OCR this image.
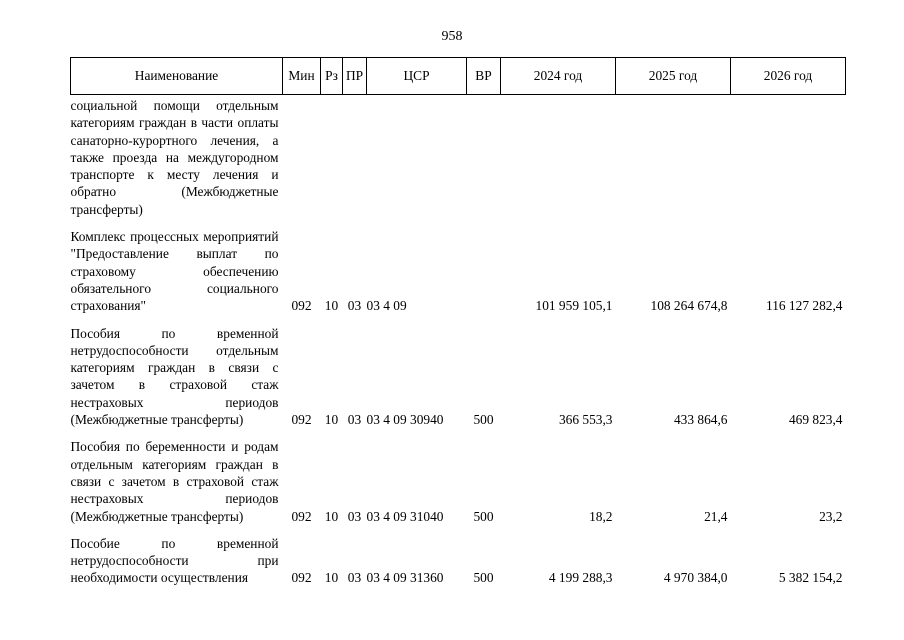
958
Наименование	Мин	Рз	ПР	ЦСР	ВР	2024 год	2025 год	2026 год
социальной помощи отдельным категориям граждан в части оплаты санаторно-курортного лечения, а также проезда на междугородном транспорте к месту лечения и обратно (Межбюджетные трансферты)								
Комплекс процессных мероприятий "Предоставление выплат по страховому обеспечению обязательного социального страхования"	092	10	03	03 4 09		101 959 105,1	108 264 674,8	116 127 282,4
Пособия по временной нетрудоспособности отдельным категориям граждан в связи с зачетом в страховой стаж нестраховых периодов (Межбюджетные трансферты)	092	10	03	03 4 09 30940	500	366 553,3	433 864,6	469 823,4
Пособия по беременности и родам отдельным категориям граждан в связи с зачетом в страховой стаж нестраховых периодов (Межбюджетные трансферты)	092	10	03	03 4 09 31040	500	18,2	21,4	23,2
Пособие по временной нетрудоспособности при необходимости осуществления	092	10	03	03 4 09 31360	500	4 199 288,3	4 970 384,0	5 382 154,2
